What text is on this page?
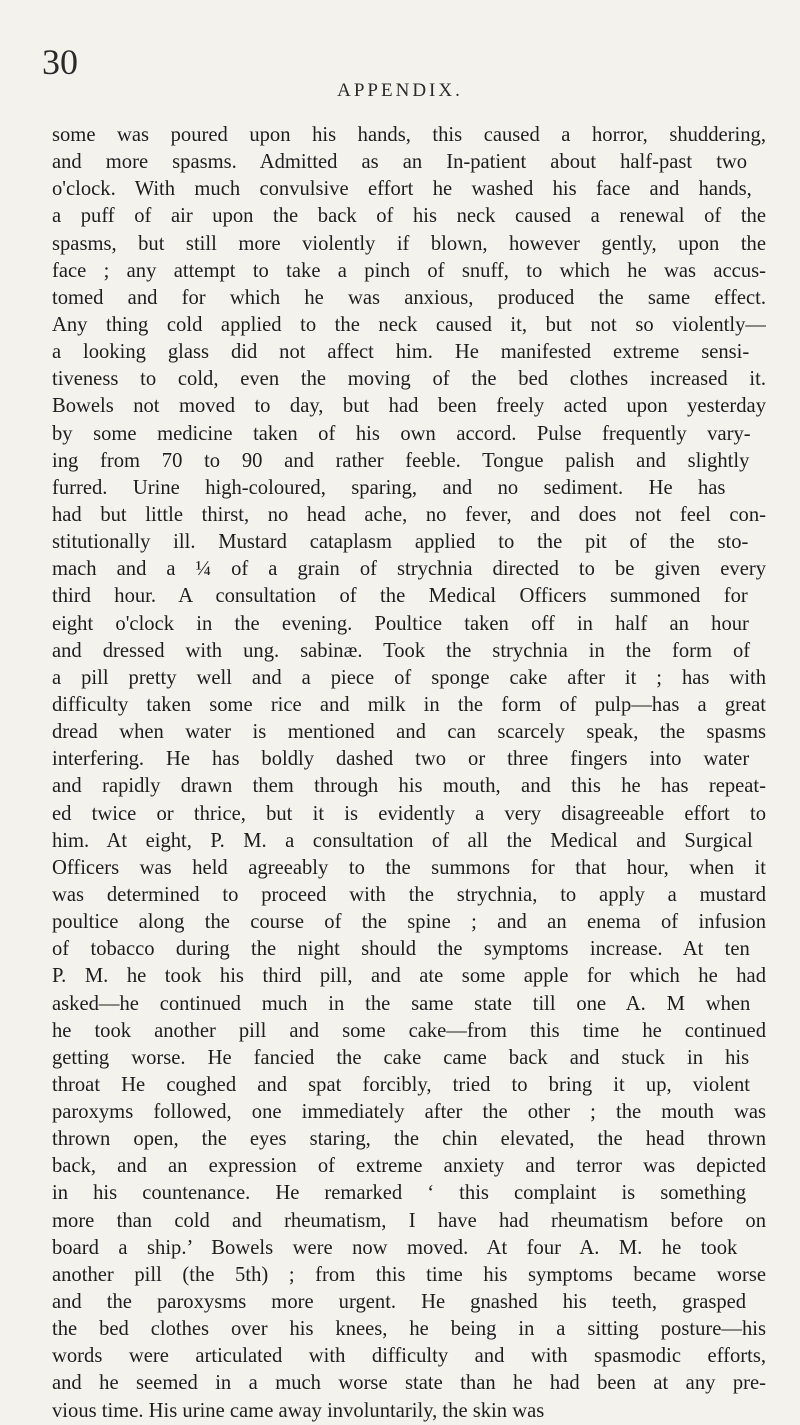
30
APPENDIX.
some was poured upon his hands, this caused a horror, shuddering,
and more spasms. Admitted as an In-patient about half-past two
o'clock. With much convulsive effort he washed his face and hands,
a puff of air upon the back of his neck caused a renewal of the
spasms, but still more violently if blown, however gently, upon the
face ; any attempt to take a pinch of snuff, to which he was accus-
tomed and for which he was anxious, produced the same effect.
Any thing cold applied to the neck caused it, but not so violently—
a looking glass did not affect him. He manifested extreme sensi-
tiveness to cold, even the moving of the bed clothes increased it.
Bowels not moved to day, but had been freely acted upon yesterday
by some medicine taken of his own accord. Pulse frequently vary-
ing from 70 to 90 and rather feeble. Tongue palish and slightly
furred. Urine high-coloured, sparing, and no sediment. He has
had but little thirst, no head ache, no fever, and does not feel con-
stitutionally ill. Mustard cataplasm applied to the pit of the sto-
mach and a ¼ of a grain of strychnia directed to be given every
third hour. A consultation of the Medical Officers summoned for
eight o'clock in the evening. Poultice taken off in half an hour
and dressed with ung. sabinæ. Took the strychnia in the form of
a pill pretty well and a piece of sponge cake after it ; has with
difficulty taken some rice and milk in the form of pulp—has a great
dread when water is mentioned and can scarcely speak, the spasms
interfering. He has boldly dashed two or three fingers into water
and rapidly drawn them through his mouth, and this he has repeat-
ed twice or thrice, but it is evidently a very disagreeable effort to
him. At eight, P. M. a consultation of all the Medical and Surgical
Officers was held agreeably to the summons for that hour, when it
was determined to proceed with the strychnia, to apply a mustard
poultice along the course of the spine ; and an enema of infusion
of tobacco during the night should the symptoms increase. At ten
P. M. he took his third pill, and ate some apple for which he had
asked—he continued much in the same state till one A. M when
he took another pill and some cake—from this time he continued
getting worse. He fancied the cake came back and stuck in his
throat He coughed and spat forcibly, tried to bring it up, violent
paroxyms followed, one immediately after the other ; the mouth was
thrown open, the eyes staring, the chin elevated, the head thrown
back, and an expression of extreme anxiety and terror was depicted
in his countenance. He remarked ‘ this complaint is something
more than cold and rheumatism, I have had rheumatism before on
board a ship.’ Bowels were now moved. At four A. M. he took
another pill (the 5th) ; from this time his symptoms became worse
and the paroxysms more urgent. He gnashed his teeth, grasped
the bed clothes over his knees, he being in a sitting posture—his
words were articulated with difficulty and with spasmodic efforts,
and he seemed in a much worse state than he had been at any pre-
vious time. His urine came away involuntarily, the skin was
